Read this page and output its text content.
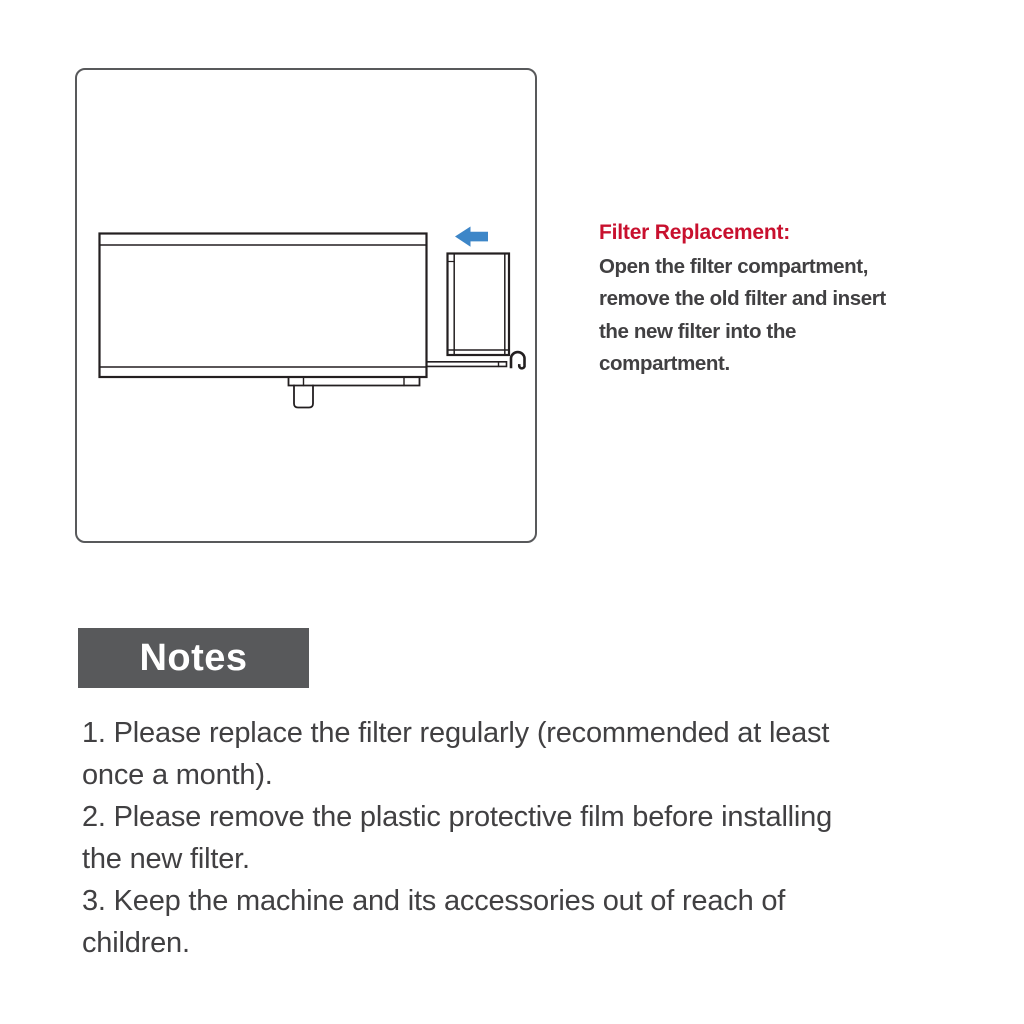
Filter Replacement:
Open the filter compartment,
remove the old filter and insert
the new filter into the
compartment.
Notes
1. Please replace the filter regularly (recommended at least
once a month).
2. Please remove the plastic protective film before installing
the new filter.
3. Keep the machine and its accessories out of reach of
children.
